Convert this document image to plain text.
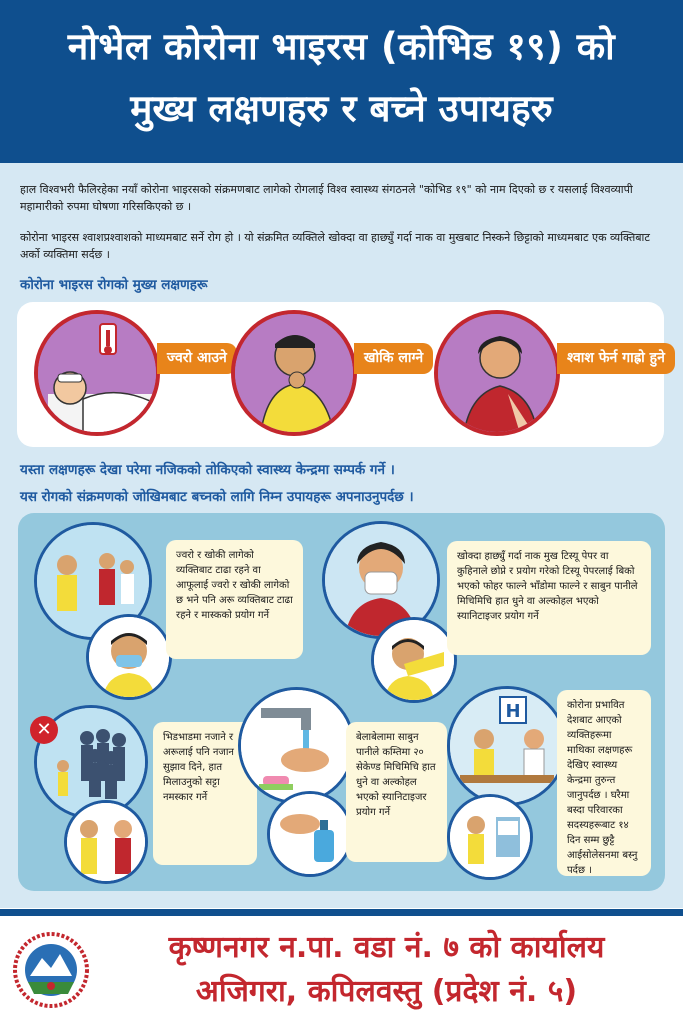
नोभेल कोरोना भाइरस (कोभिड १९) को
मुख्य लक्षणहरु र बच्ने उपायहरु
हाल विश्वभरी फैलिरहेका नयाँ कोरोना भाइरसको संक्रमणबाट लागेको रोगलाई विश्व स्वास्थ्य संगठनले "कोभिड १९" को नाम दिएको छ र यसलाई विश्वव्यापी महामारीको रुपमा घोषणा गरिसकिएको छ ।
कोरोना भाइरस श्वाशप्रश्वाशको माध्यमबाट सर्ने रोग हो । यो संक्रमित व्यक्तिले खोक्दा वा हाछ्युँ गर्दा नाक वा मुखबाट निस्कने छिट्टाको माध्यमबाट एक व्यक्तिबाट अर्को व्यक्तिमा सर्दछ ।
कोरोना भाइरस रोगको मुख्य लक्षणहरू
ज्वरो आउने	खोकि लाग्ने	श्वाश फेर्न गाह्रो हुने
यस्ता लक्षणहरू देखा परेमा नजिकको तोकिएको स्वास्थ्य केन्द्रमा सम्पर्क गर्ने ।
यस रोगको संक्रमणको जोखिमबाट बच्नको लागि निम्न उपायहरू अपनाउनुपर्दछ ।
ज्वरो र खोकी लागेको व्यक्तिबाट टाढा रहने वा आफूलाई ज्वरो र खोकी लागेको छ भने पनि अरू व्यक्तिबाट टाढा रहने र मास्कको प्रयोग गर्ने
खोक्दा हाछ्युँ गर्दा नाक मुख टिस्यू पेपर वा कुहिनाले छोप्ने र प्रयोग गरेको टिस्यू पेपरलाई बिको भएको फोहर फाल्ने भाँडोमा फाल्ने र साबुन पानीले मिचिमिचि हात धुने वा अल्कोहल भएको स्यानिटाइजर प्रयोग गर्ने
✕	भिडभाडमा नजाने र अरूलाई पनि नजान सुझाव दिने, हात मिलाउनुको सट्टा नमस्कार गर्ने
बेलाबेलामा साबुन पानीले कम्तिमा २० सेकेण्ड मिचिमिचि हात धुने वा अल्कोहल भएको स्यानिटाइजर प्रयोग गर्ने
H	कोरोना प्रभावित देशबाट आएको व्यक्तिहरूमा माथिका लक्षणहरू देखिए स्वास्थ्य केन्द्रमा तुरुन्त जानुपर्दछ । घरैमा बस्दा परिवारका सदस्यहरूबाट १४ दिन सम्म छुट्टै आईसोलेसनमा बस्नु पर्दछ ।
कृष्णनगर न.पा. वडा नं. ७ को कार्यालय
अजिगरा, कपिलवस्तु (प्रदेश नं. ५)
